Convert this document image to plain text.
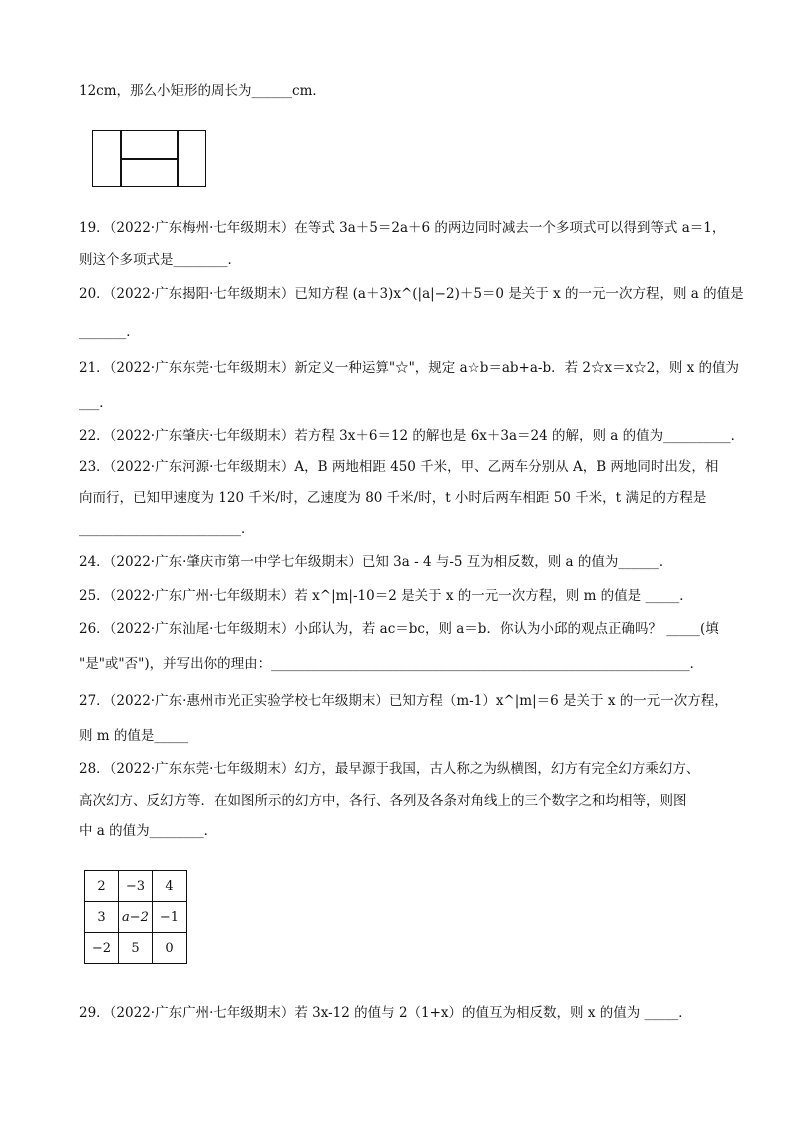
12cm，那么小矩形的周长为______cm．
19．（2022·广东梅州·七年级期末）在等式 3a＋5＝2a＋6 的两边同时减去一个多项式可以得到等式 a＝1，
则这个多项式是________．
20．（2022·广东揭阳·七年级期末）已知方程 (a＋3)x^(|a|−2)＋5＝0 是关于 x 的一元一次方程，则 a 的值是
_______．
21．（2022·广东东莞·七年级期末）新定义一种运算"☆"，规定 a☆b＝ab+a-b．若 2☆x＝x☆2，则 x 的值为
___．
22．（2022·广东肇庆·七年级期末）若方程 3x＋6＝12 的解也是 6x＋3a＝24 的解，则 a 的值为__________．
23．（2022·广东河源·七年级期末）A，B 两地相距 450 千米，甲、乙两车分别从 A，B 两地同时出发，相
向而行，已知甲速度为 120 千米/时，乙速度为 80 千米/时，t 小时后两车相距 50 千米，t 满足的方程是
________________________．
24．（2022·广东·肇庆市第一中学七年级期末）已知 3a - 4 与-5 互为相反数，则 a 的值为______．
25．（2022·广东广州·七年级期末）若 x^|m|-10＝2 是关于 x 的一元一次方程，则 m 的值是 _____．
26．（2022·广东汕尾·七年级期末）小邱认为，若 ac＝bc，则 a＝b．你认为小邱的观点正确吗？ _____(填
"是"或"否")，并写出你的理由：______________________________________________________________．
27．（2022·广东·惠州市光正实验学校七年级期末）已知方程（m-1）x^|m|＝6 是关于 x 的一元一次方程，
则 m 的值是_____
28．（2022·广东东莞·七年级期末）幻方，最早源于我国，古人称之为纵横图，幻方有完全幻方乘幻方、
高次幻方、反幻方等．在如图所示的幻方中，各行、各列及各条对角线上的三个数字之和均相等，则图
中 a 的值为________．
2	−3	4
3	a−2	−1
−2	5	0
29．（2022·广东广州·七年级期末）若 3x-12 的值与 2（1+x）的值互为相反数，则 x 的值为 _____．
